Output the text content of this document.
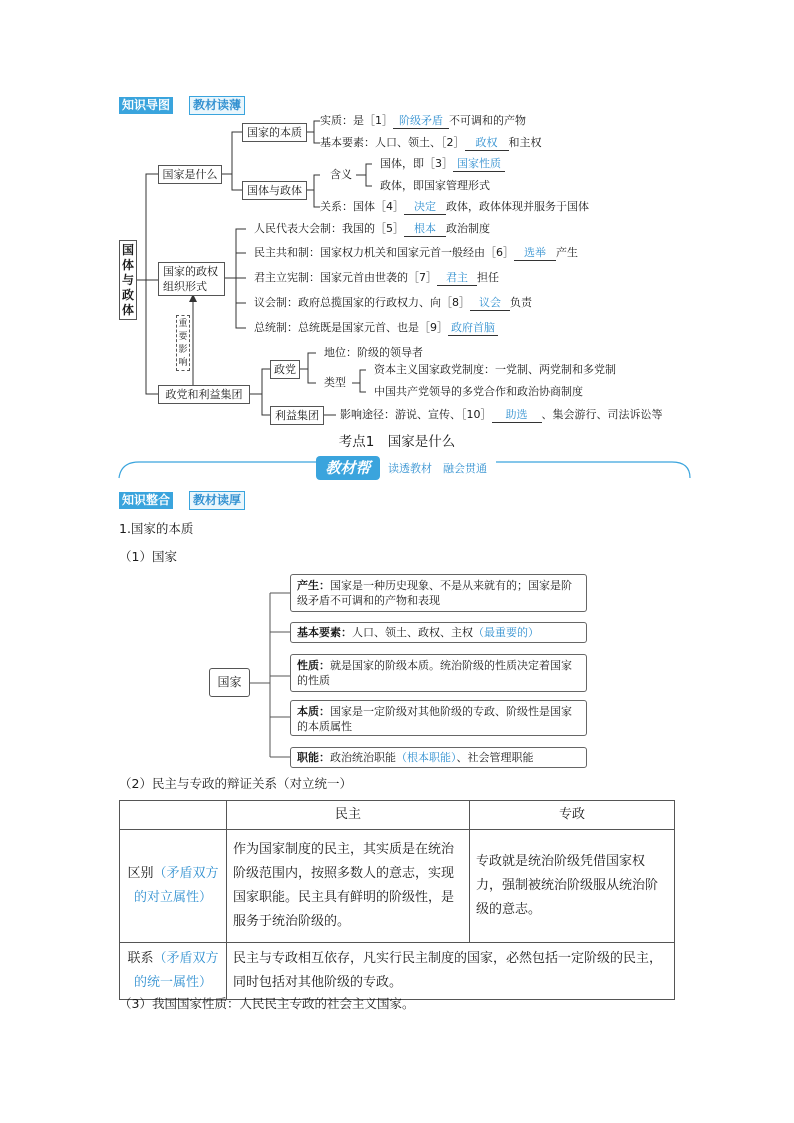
知识导图	教材读薄
国体与政体
国家是什么
国家的本质
国体与政体
实质：是［1］ 阶级矛盾 不可调和的产物
基本要素：人口、领土、［2］ 政权 和主权
含义
国体，即［3］ 国家性质
政体，即国家管理形式
关系：国体［4］ 决定 政体，政体体现并服务于国体
国家的政权组织形式
人民代表大会制：我国的［5］ 根本 政治制度
民主共和制：国家权力机关和国家元首一般经由［6］ 选举 产生
君主立宪制：国家元首由世袭的［7］ 君主 担任
议会制：政府总揽国家的行政权力、向［8］ 议会 负责
总统制：总统既是国家元首、也是［9］ 政府首脑
重要影响
政党和利益集团
政党
利益集团
地位：阶级的领导者
类型
资本主义国家政党制度：一党制、两党制和多党制
中国共产党领导的多党合作和政治协商制度
影响途径：游说、宣传、［10］ 助选 、集会游行、司法诉讼等
考点1　国家是什么
教材帮	读透教材　融会贯通
知识整合	教材读厚
1.国家的本质
（1）国家
国家
产生：国家是一种历史现象、不是从来就有的；国家是阶级矛盾不可调和的产物和表现
基本要素：人口、领土、政权、主权（最重要的）
性质：就是国家的阶级本质。统治阶级的性质决定着国家的性质
本质：国家是一定阶级对其他阶级的专政、阶级性是国家的本质属性
职能：政治统治职能（根本职能）、社会管理职能
（2）民主与专政的辩证关系（对立统一）
	民主	专政
区别（矛盾双方的对立属性）	作为国家制度的民主，其实质是在统治阶级范围内，按照多数人的意志，实现国家职能。民主具有鲜明的阶级性，是服务于统治阶级的。	专政就是统治阶级凭借国家权力，强制被统治阶级服从统治阶级的意志。
联系（矛盾双方的统一属性）	民主与专政相互依存，凡实行民主制度的国家，必然包括一定阶级的民主，同时包括对其他阶级的专政。	
（3）我国国家性质：人民民主专政的社会主义国家。
